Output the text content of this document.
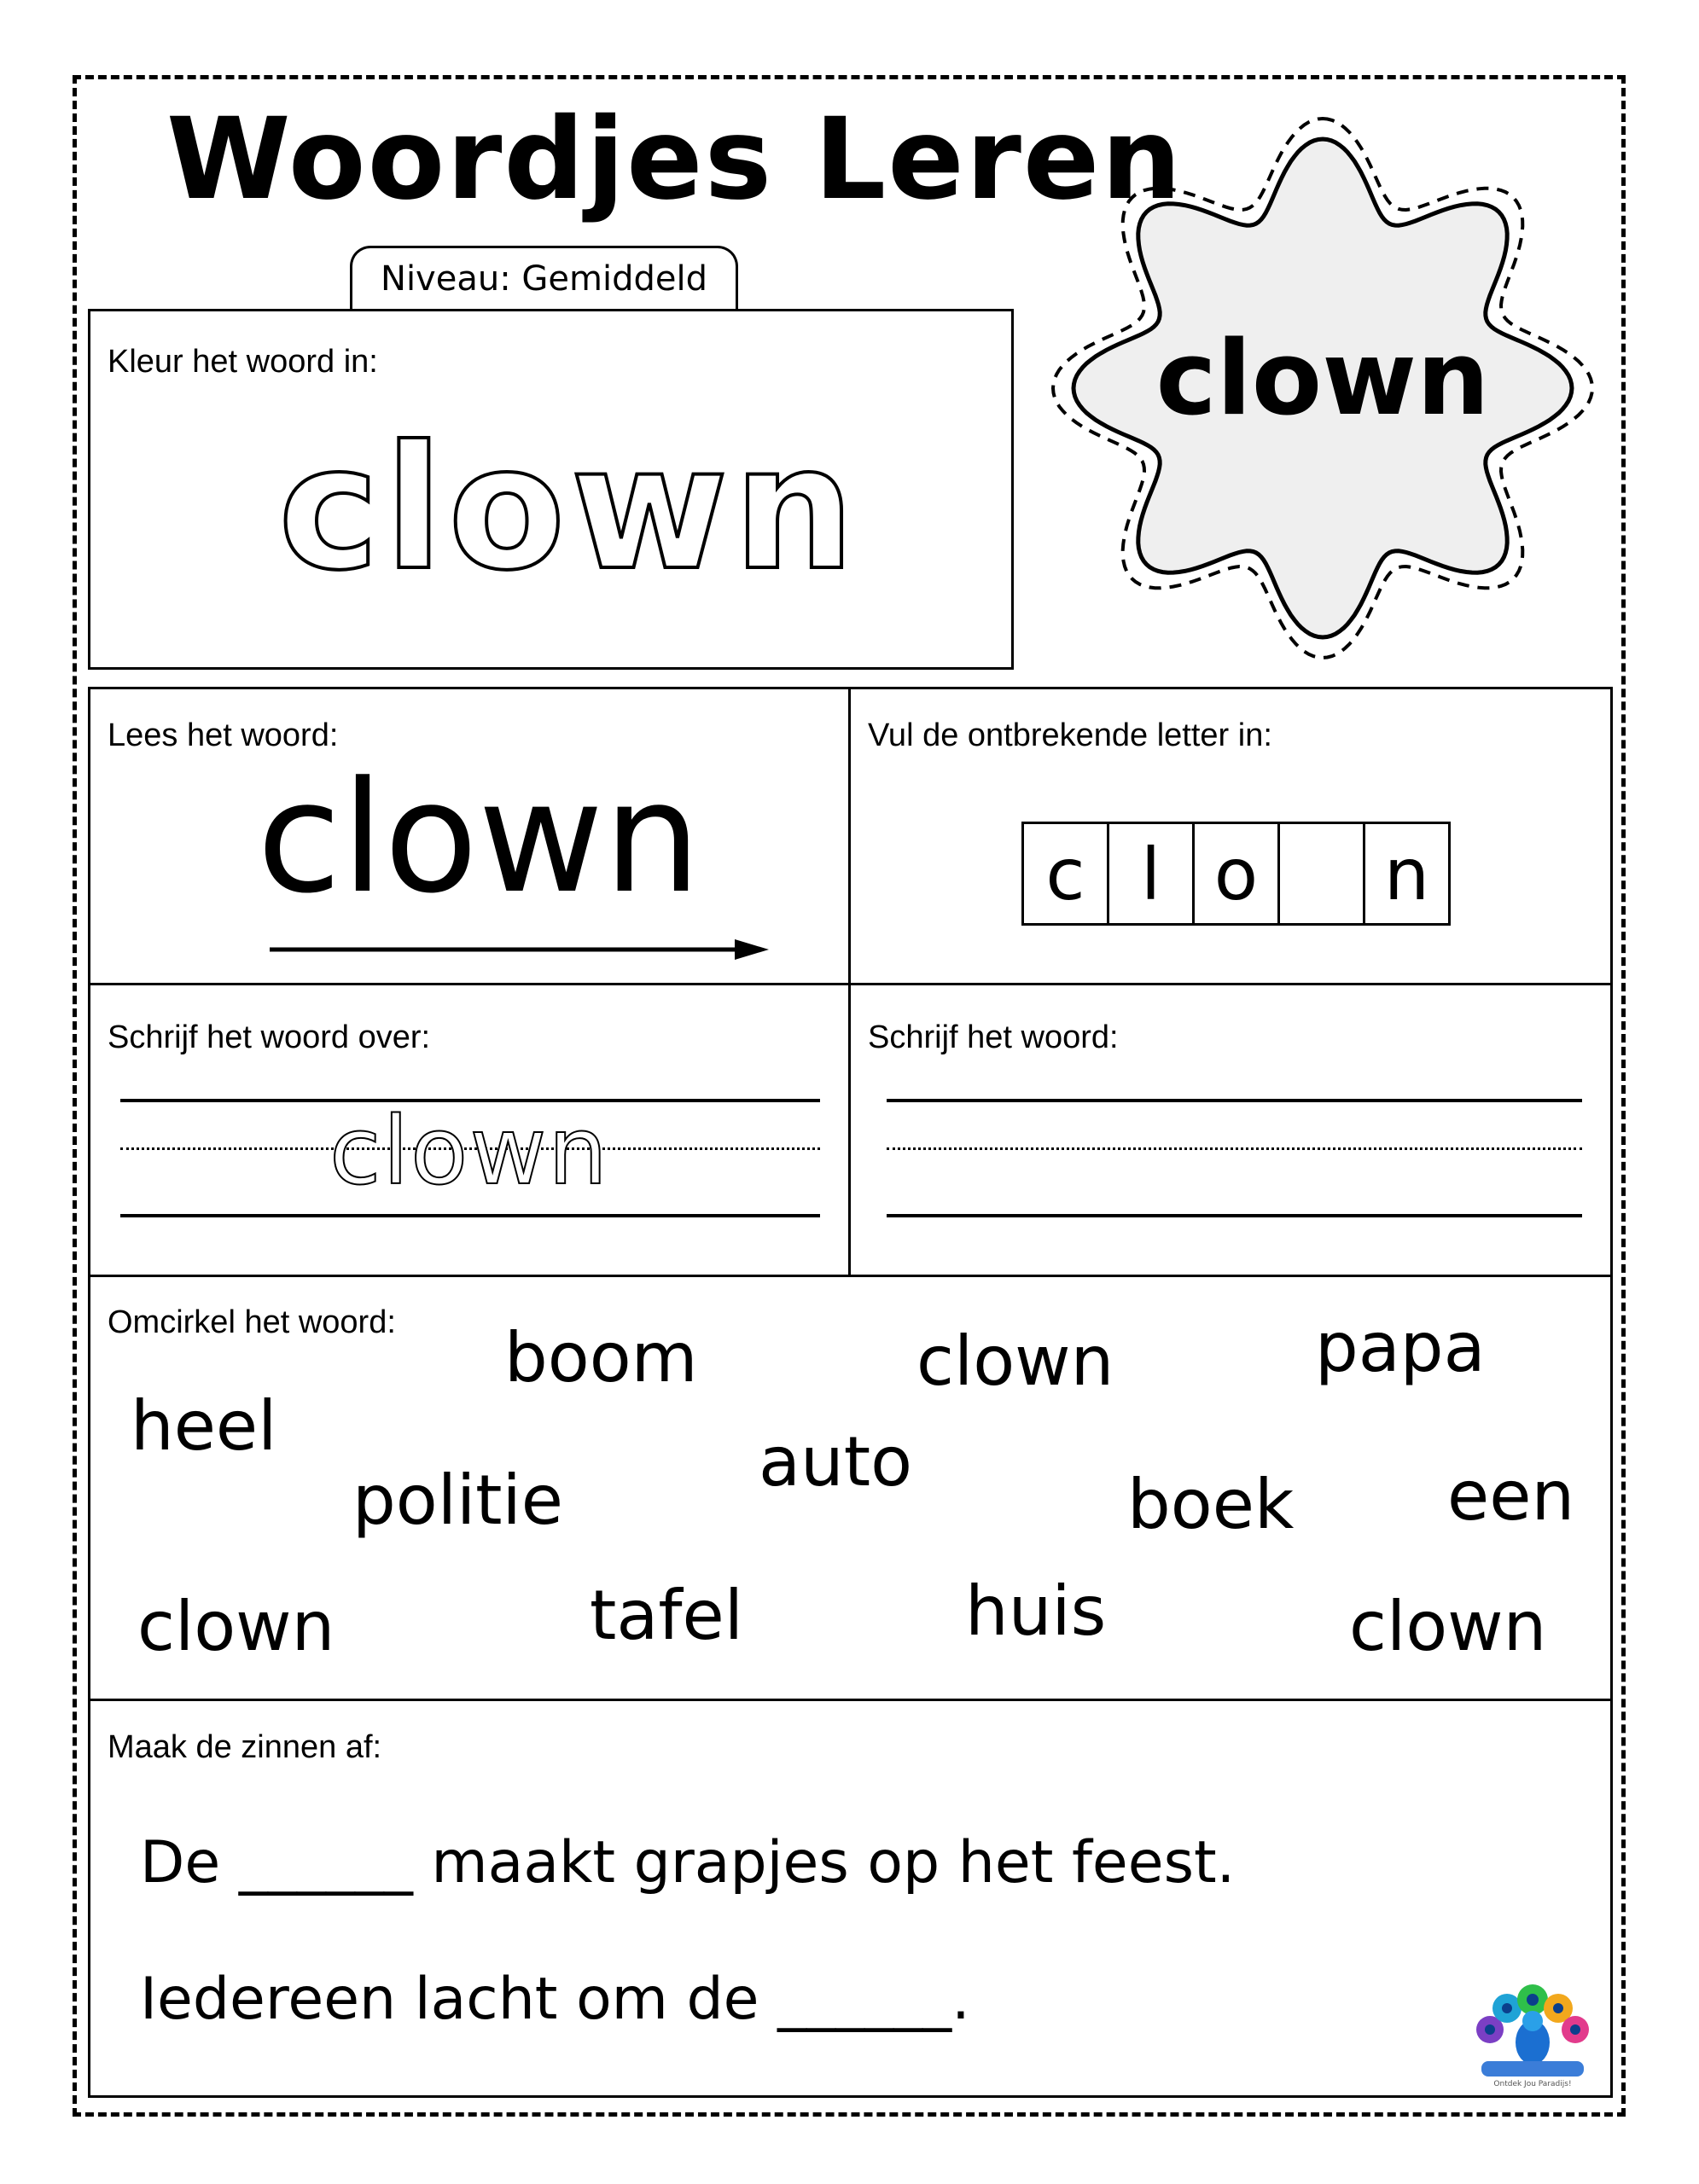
Woordjes Leren
Niveau: Gemiddeld
clown
Kleur het woord in:
clown
Lees het woord:
clown
Vul de ontbrekende letter in:
c l o	n
Schrijf het woord over:
clown
Schrijf het woord:
Omcirkel het woord: boom	clown	papa
heel
politie	auto
boek een
clown	tafel	huis	clown
Maak de zinnen af:
De ______ maakt grapjes op het feest.
Iedereen lacht om de ______.
Ontdek Jou Paradijs!
